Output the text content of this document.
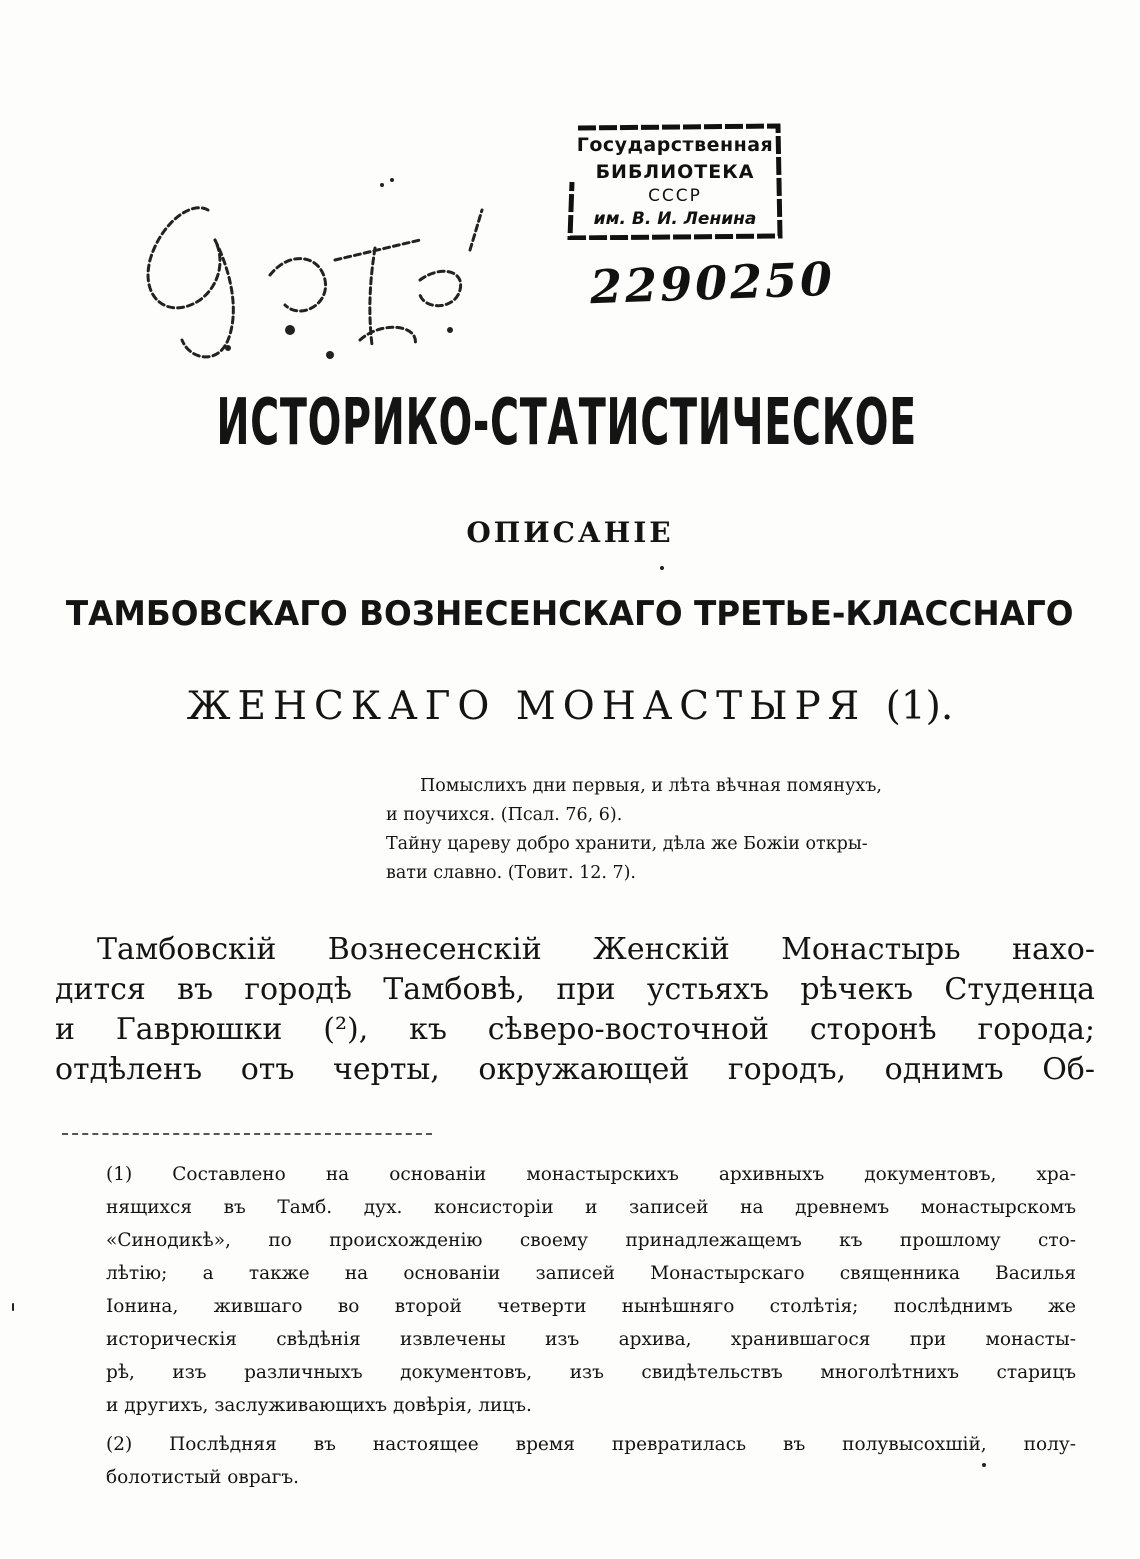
Государственная
БИБЛИОТЕКА
СССР
им. В. И. Ленина
2290250
ИСТОРИКО-СТАТИСТИЧЕСКОЕ
ОПИСАНІЕ
ТАМБОВСКАГО ВОЗНЕСЕНСКАГО ТРЕТЬЕ-КЛАССНАГО
ЖЕНСКАГО МОНАСТЫРЯ (1).
Помыслихъ дни первыя, и лѣта вѣчная помянухъ,
и поучихся. (Псал. 76, 6).
Тайну цареву добро хранити, дѣла же Божіи откры-
вати славно. (Товит. 12. 7).
Тамбовскій Вознесенскій Женскій Монастырь нахо-
дится въ городѣ Тамбовѣ, при устьяхъ рѣчекъ Студенца
и Гаврюшки (²), къ сѣверо-восточной сторонѣ города;
отдѣленъ отъ черты, окружающей городъ, однимъ Об-
(1) Составлено на основаніи монастырскихъ архивныхъ документовъ, хра-
нящихся въ Тамб. дух. консисторіи и записей на древнемъ монастырскомъ
«Синодикѣ», по происхожденію своему принадлежащемъ къ прошлому сто-
лѣтію; а также на основаніи записей Монастырскаго священника Василья
Іонина, жившаго во второй четверти нынѣшняго столѣтія; послѣднимъ же
историческія свѣдѣнія извлечены изъ архива, хранившагося при монасты-
рѣ, изъ различныхъ документовъ, изъ свидѣтельствъ многолѣтнихъ старицъ
и другихъ, заслуживающихъ довѣрія, лицъ.
(2) Послѣдняя въ настоящее время превратилась въ полувысохшій, полу-
болотистый оврагъ.
